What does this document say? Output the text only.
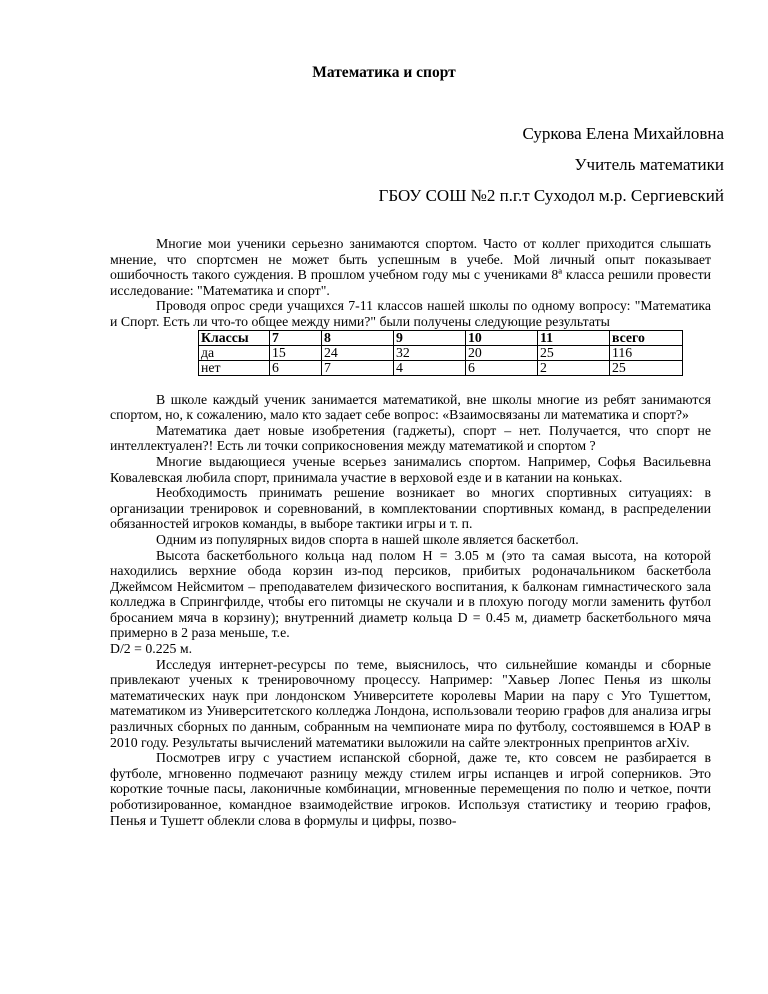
Математика и спорт
Суркова Елена Михайловна
Учитель математики
ГБОУ СОШ №2 п.г.т Суходол м.р. Сергиевский

Многие мои ученики серьезно занимаются спортом. Часто от коллег приходится слышать мнение, что спортсмен не может быть успешным в учебе. Мой личный опыт показывает ошибочность такого суждения. В прошлом учебном году мы с учениками 8ª класса решили провести исследование: "Математика и спорт".

Проводя опрос среди учащихся 7-11 классов нашей школы по одному вопросу: "Математика и Спорт. Есть ли что-то общее между ними?" были получены следующие результаты

Классы	7	8	9	10	11	всего
да	15	24	32	20	25	116
нет	6	7	4	6	2	25

В школе каждый ученик занимается математикой, вне школы многие из ребят занимаются спортом, но, к сожалению, мало кто задает себе вопрос: «Взаимосвязаны ли математика и спорт?»

Математика дает новые изобретения (гаджеты), спорт – нет. Получается, что спорт не интеллектуален?! Есть ли точки соприкосновения между математикой и спортом ?

Многие выдающиеся ученые всерьез занимались спортом. Например, Софья Васильевна Ковалевская любила спорт, принимала участие в верховой езде и в катании на коньках.

Необходимость принимать решение возникает во многих спортивных ситуациях: в организации тренировок и соревнований, в комплектовании спортивных команд, в распределении обязанностей игроков команды, в выборе тактики игры и т. п.

Одним из популярных видов спорта в нашей школе является баскетбол.

Высота баскетбольного кольца над полом H = 3.05 м (это та самая высота, на которой находились верхние обода корзин из-под персиков, прибитых родоначальником баскетбола Джеймсом Нейсмитом – преподавателем физического воспитания, к балконам гимнастического зала колледжа в Спрингфилде, чтобы его питомцы не скучали и в плохую погоду могли заменить футбол бросанием мяча в корзину); внутренний диаметр кольца D = 0.45 м, диаметр баскетбольного мяча примерно в 2 раза меньше, т.е.

D/2 = 0.225 м.

Исследуя интернет-ресурсы по теме, выяснилось, что сильнейшие команды и сборные привлекают ученых к тренировочному процессу. Например: "Хавьер Лопес Пенья из школы математических наук при лондонском Университете королевы Марии на пару с Уго Тушеттом, математиком из Университетского колледжа Лондона, использовали теорию графов для анализа игры различных сборных по данным, собранным на чемпионате мира по футболу, состоявшемся в ЮАР в 2010 году. Результаты вычислений математики выложили на сайте электронных препринтов arXiv.

Посмотрев игру с участием испанской сборной, даже те, кто совсем не разбирается в футболе, мгновенно подмечают разницу между стилем игры испанцев и игрой соперников. Это короткие точные пасы, лаконичные комбинации, мгновенные перемещения по полю и четкое, почти роботизированное, командное взаимодействие игроков. Используя статистику и теорию графов, Пенья и Тушетт облекли слова в формулы и цифры, позво-
